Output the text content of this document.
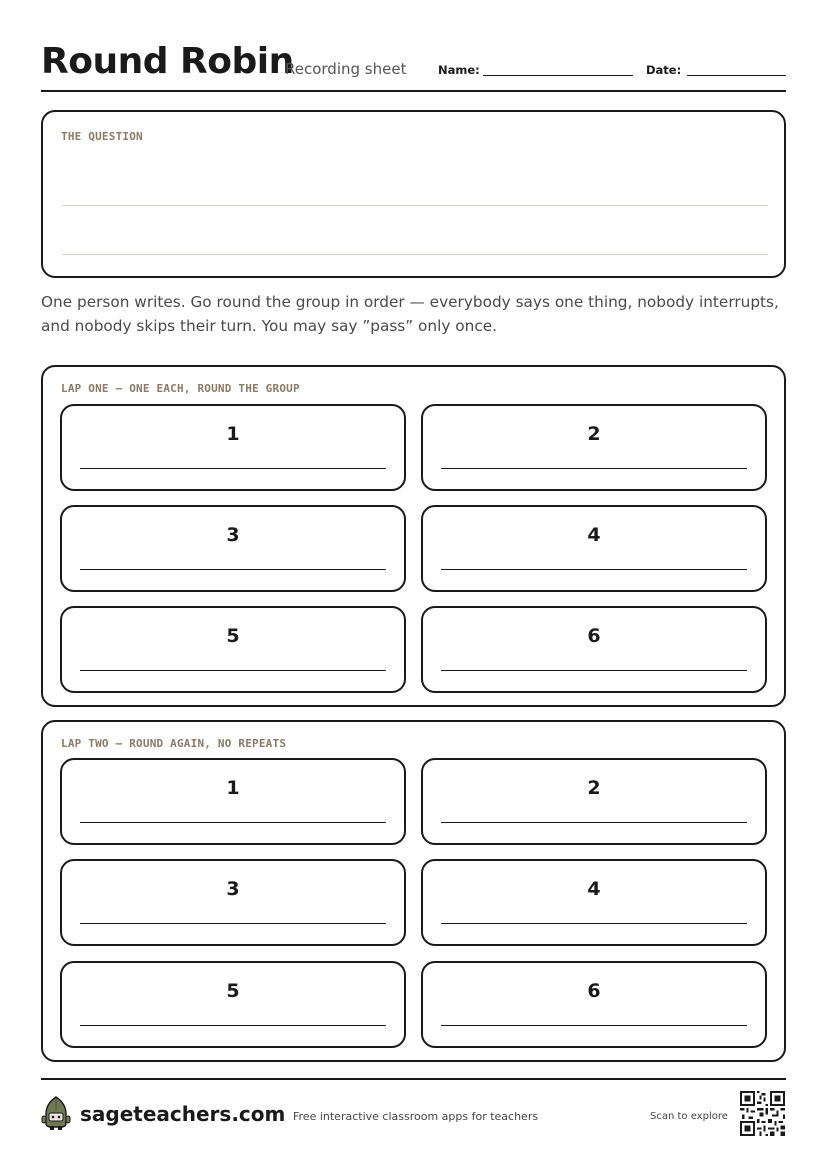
Round Robin
Recording sheet	Name:	Date:
THE QUESTION
One person writes. Go round the group in order — everybody says one thing, nobody interrupts, and nobody skips their turn. You may say ”pass” only once.
LAP ONE — ONE EACH, ROUND THE GROUP
1	2
3	4
5	6
LAP TWO — ROUND AGAIN, NO REPEATS
1	2
3	4
5	6
sageteachers.com Free interactive classroom apps for teachers	Scan to explore
